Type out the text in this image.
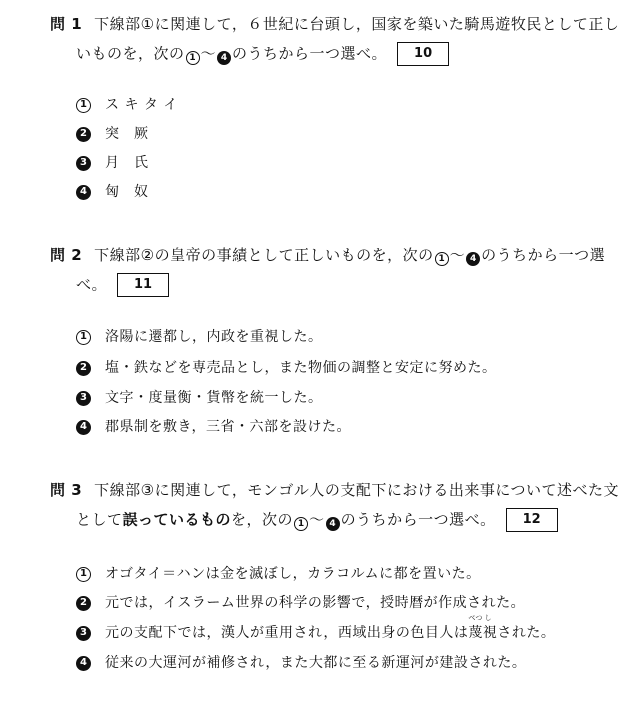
問 1 下線部①に関連して，６世紀に台頭し，国家を築いた騎馬遊牧民として正し
いものを，次の 1 〜 4 のうちから一つ選べ。 10
1 ス キ タ イ
2 突　厥
3 月　氏
4 匈　奴
問 2 下線部②の皇帝の事績として正しいものを，次の 1 〜 4 のうちから一つ選
べ。 11
1 洛陽に遷都し，内政を重視した。
2 塩・鉄などを専売品とし，また物価の調整と安定に努めた。
3 文字・度量衡・貨幣を統一した。
4 郡県制を敷き，三省・六部を設けた。
問 3 下線部③に関連して，モンゴル人の支配下における出来事について述べた文
として誤っているものを，次の 1 〜 4 のうちから一つ選べ。 12
1 オゴタイ＝ハンは金を滅ぼし，カラコルムに都を置いた。
2 元では，イスラーム世界の科学の影響で，授時暦が作成された。
3 元の支配下では，漢人が重用され，西域出身の色目人は
べつ し
蔑 視された。
4 従来の大運河が補修され，また大都に至る新運河が建設された。
